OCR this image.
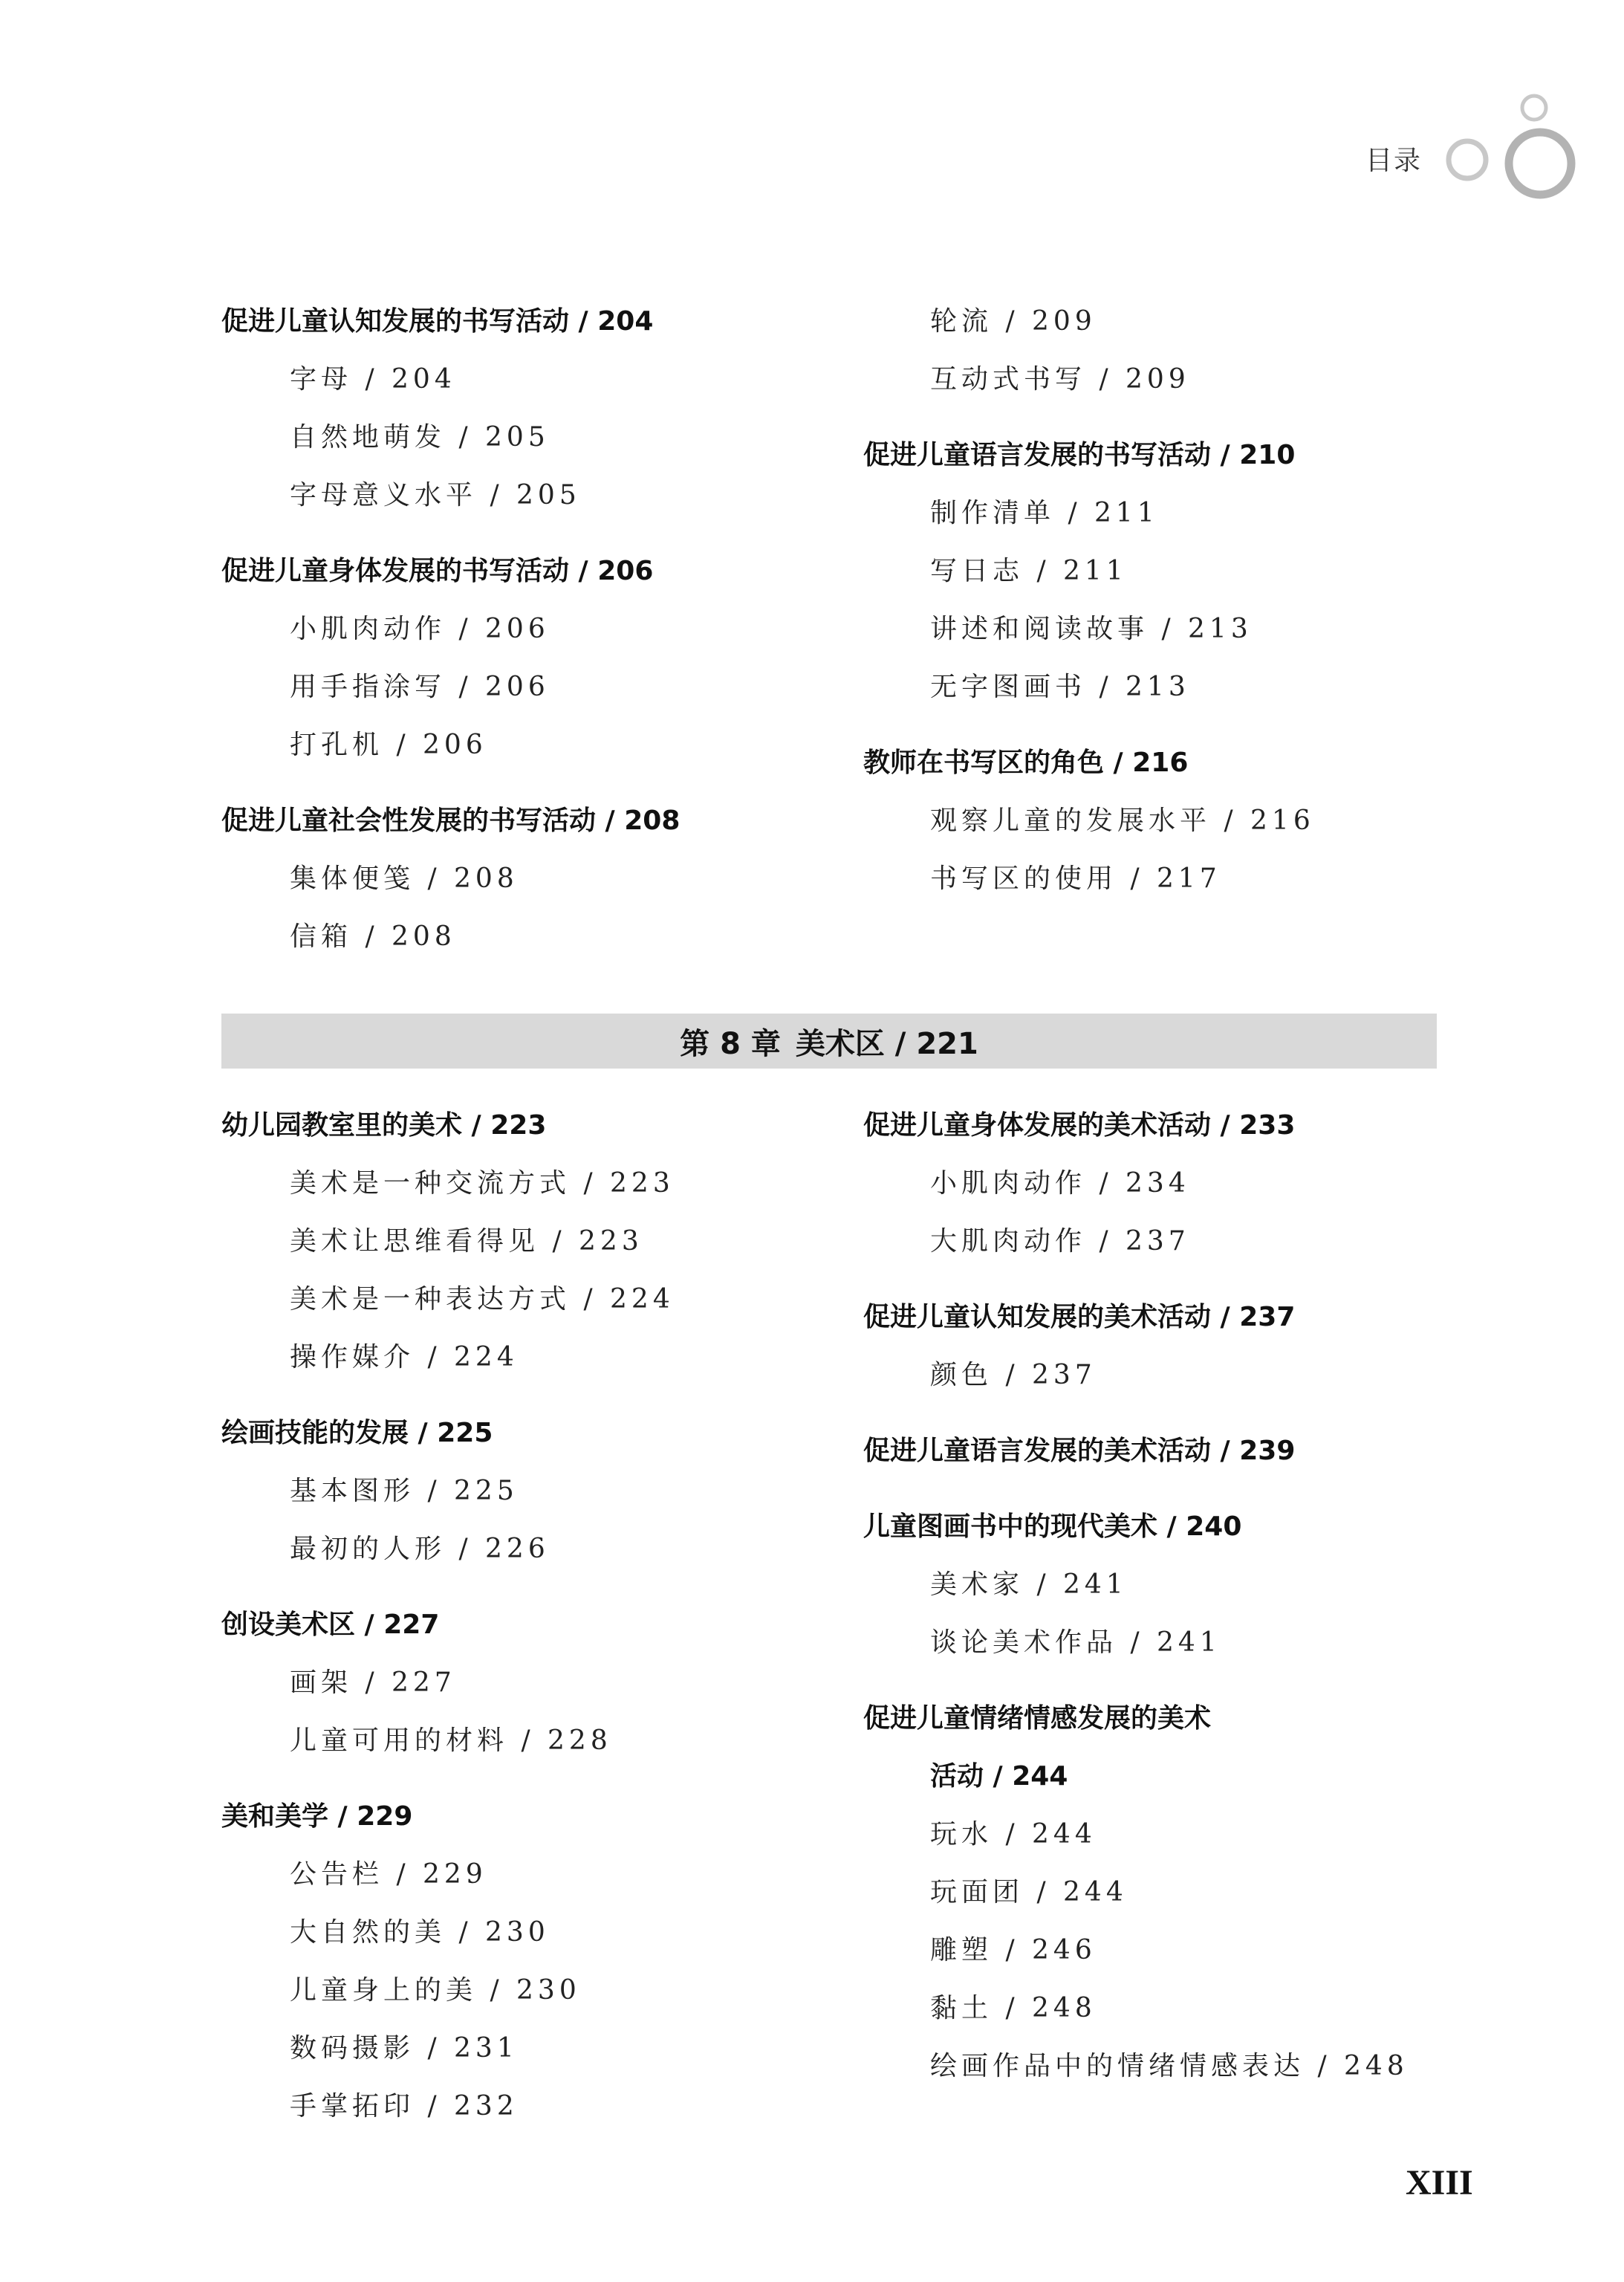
目录
促进儿童认知发展的书写活动 / 204
字母 / 204
自然地萌发 / 205
字母意义水平 / 205
促进儿童身体发展的书写活动 / 206
小肌肉动作 / 206
用手指涂写 / 206
打孔机 / 206
促进儿童社会性发展的书写活动 / 208
集体便笺 / 208
信箱 / 208
轮流 / 209
互动式书写 / 209
促进儿童语言发展的书写活动 / 210
制作清单 / 211
写日志 / 211
讲述和阅读故事 / 213
无字图画书 / 213
教师在书写区的角色 / 216
观察儿童的发展水平 / 216
书写区的使用 / 217
第 8 章 美术区 / 221
幼儿园教室里的美术 / 223
美术是一种交流方式 / 223
美术让思维看得见 / 223
美术是一种表达方式 / 224
操作媒介 / 224
绘画技能的发展 / 225
基本图形 / 225
最初的人形 / 226
创设美术区 / 227
画架 / 227
儿童可用的材料 / 228
美和美学 / 229
公告栏 / 229
大自然的美 / 230
儿童身上的美 / 230
数码摄影 / 231
手掌拓印 / 232
促进儿童身体发展的美术活动 / 233
小肌肉动作 / 234
大肌肉动作 / 237
促进儿童认知发展的美术活动 / 237
颜色 / 237
促进儿童语言发展的美术活动 / 239
儿童图画书中的现代美术 / 240
美术家 / 241
谈论美术作品 / 241
促进儿童情绪情感发展的美术
活动 / 244
玩水 / 244
玩面团 / 244
雕塑 / 246
黏土 / 248
绘画作品中的情绪情感表达 / 248
XIII
